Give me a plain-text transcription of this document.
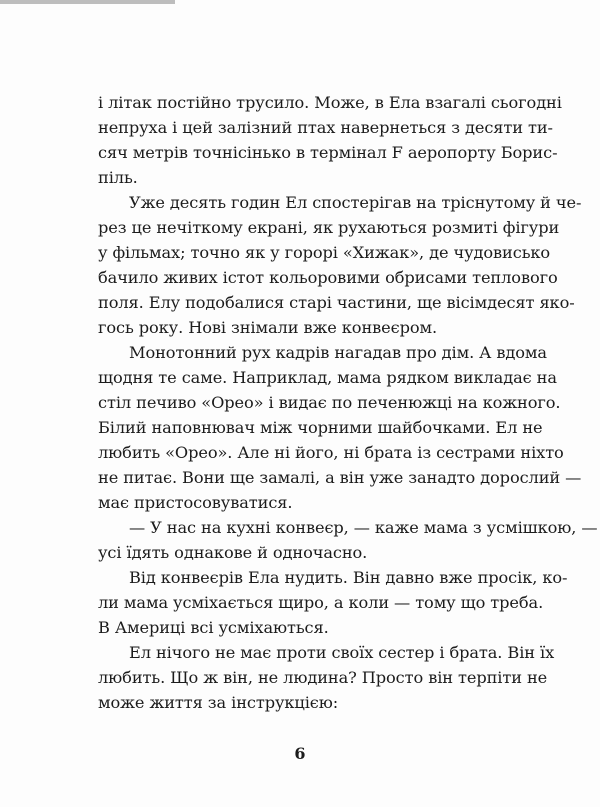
і літак постійно трусило. Може, в Ела взагалі сьогодні
непруха і цей залізний птах навернеться з десяти ти-
сяч метрів точнісінько в термінал F аеропорту Борис-
піль.
Уже десять годин Ел спостерігав на тріснутому й че-
рез це нечіткому екрані, як рухаються розмиті фігури
у фільмах; точно як у горорі «Хижак», де чудовисько
бачило живих істот кольоровими обрисами теплового
поля. Елу подобалися старі частини, ще вісімдесят яко-
гось року. Нові знімали вже конвеєром.
Монотонний рух кадрів нагадав про дім. А вдома
щодня те саме. Наприклад, мама рядком викладає на
стіл печиво «Орео» і видає по печенюжці на кожного.
Білий наповнювач між чорними шайбочками. Ел не
любить «Орео». Але ні його, ні брата із сестрами ніхто
не питає. Вони ще замалі, а він уже занадто дорослий —
має пристосовуватися.
— У нас на кухні конвеєр, — каже мама з усмішкою, —
усі їдять однакове й одночасно.
Від конвеєрів Ела нудить. Він давно вже просік, ко-
ли мама усміхається щиро, а коли — тому що треба.
В Америці всі усміхаються.
Ел нічого не має проти своїх сестер і брата. Він їх
любить. Що ж він, не людина? Просто він терпіти не
може життя за інструкцією:
6
